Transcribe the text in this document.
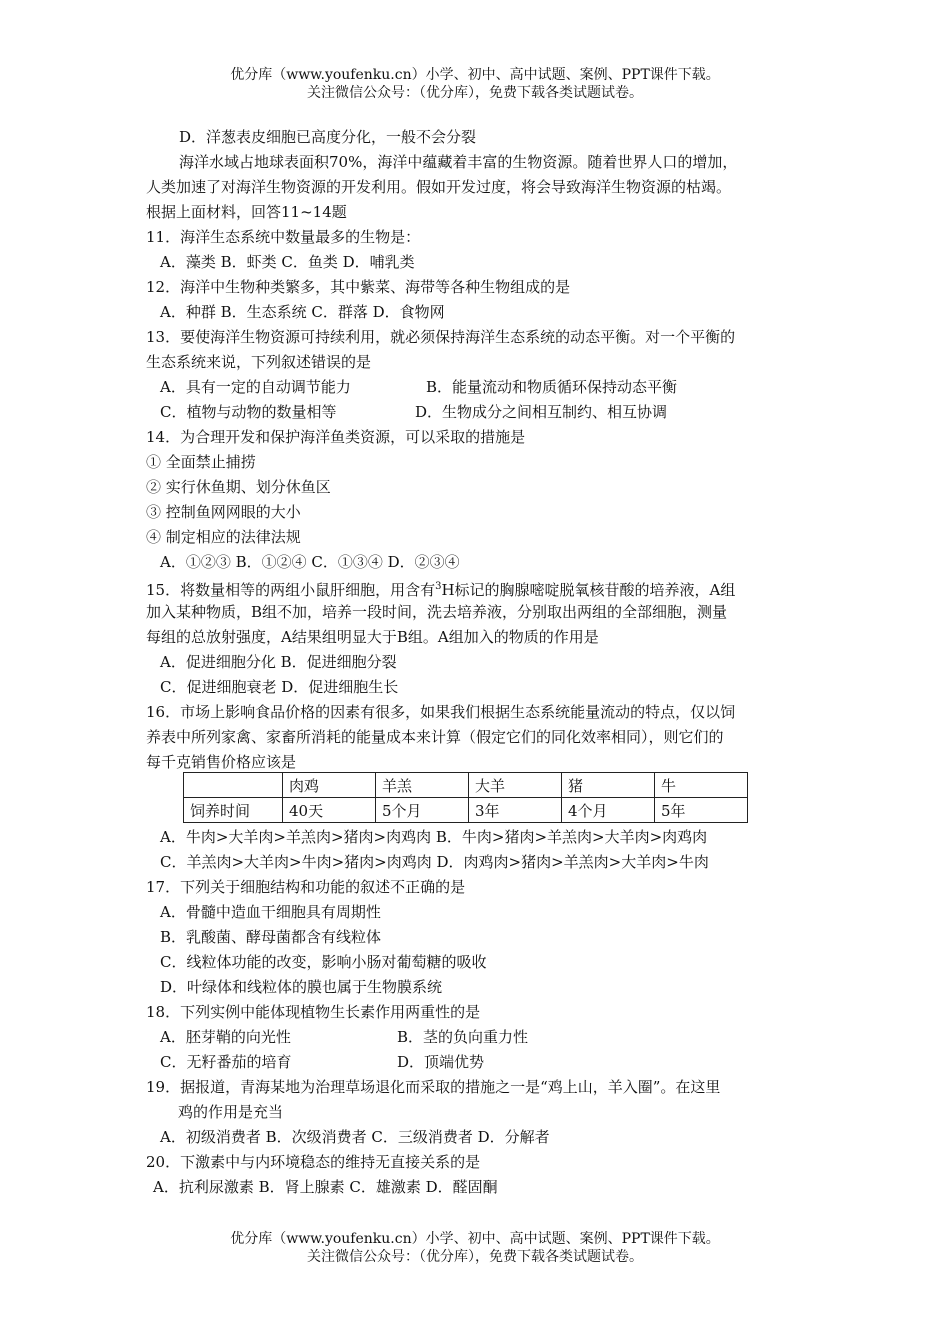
优分库（www.youfenku.cn）小学、初中、高中试题、案例、PPT课件下载。
关注微信公众号：（优分库），免费下载各类试题试卷。
D．洋葱表皮细胞已高度分化，一般不会分裂
海洋水域占地球表面积70%，海洋中蕴藏着丰富的生物资源。随着世界人口的增加，
人类加速了对海洋生物资源的开发利用。假如开发过度，将会导致海洋生物资源的枯竭。
根据上面材料，回答11~14题
11．海洋生态系统中数量最多的生物是：
A．藻类 B．虾类 C．鱼类 D．哺乳类
12．海洋中生物种类繁多，其中紫菜、海带等各种生物组成的是
A．种群 B．生态系统 C．群落 D．食物网
13．要使海洋生物资源可持续利用，就必须保持海洋生态系统的动态平衡。对一个平衡的
生态系统来说，下列叙述错误的是
A．具有一定的自动调节能力	B．能量流动和物质循环保持动态平衡
C．植物与动物的数量相等	D．生物成分之间相互制约、相互协调
14．为合理开发和保护海洋鱼类资源，可以采取的措施是
① 全面禁止捕捞
② 实行休鱼期、划分休鱼区
③ 控制鱼网网眼的大小
④ 制定相应的法律法规
A．①②③ B．①②④ C．①③④ D．②③④
15．将数量相等的两组小鼠肝细胞，用含有$^3$H标记的胸腺嘧啶脱氧核苷酸的培养液，A组
加入某种物质，B组不加，培养一段时间，洗去培养液，分别取出两组的全部细胞，测量
每组的总放射强度，A结果组明显大于B组。A组加入的物质的作用是
A．促进细胞分化 B．促进细胞分裂
C．促进细胞衰老 D．促进细胞生长
16．市场上影响食品价格的因素有很多，如果我们根据生态系统能量流动的特点，仅以饲
养表中所列家禽、家畜所消耗的能量成本来计算（假定它们的同化效率相同），则它们的
每千克销售价格应该是
	肉鸡	羊羔	大羊	猪	牛
饲养时间	40天	5个月	3年	4个月	5年
A．牛肉>大羊肉>羊羔肉>猪肉>肉鸡肉 B．牛肉>猪肉>羊羔肉>大羊肉>肉鸡肉
C．羊羔肉>大羊肉>牛肉>猪肉>肉鸡肉 D．肉鸡肉>猪肉>羊羔肉>大羊肉>牛肉
17．下列关于细胞结构和功能的叙述不正确的是
A．骨髓中造血干细胞具有周期性
B．乳酸菌、酵母菌都含有线粒体
C．线粒体功能的改变，影响小肠对葡萄糖的吸收
D．叶绿体和线粒体的膜也属于生物膜系统
18．下列实例中能体现植物生长素作用两重性的是
A．胚芽鞘的向光性	B．茎的负向重力性
C．无籽番茄的培育	D．顶端优势
19．据报道，青海某地为治理草场退化而采取的措施之一是“鸡上山，羊入圈”。在这里
鸡的作用是充当
A．初级消费者 B．次级消费者 C．三级消费者 D．分解者
20．下激素中与内环境稳态的维持无直接关系的是
A．抗利尿激素 B．肾上腺素 C．雄激素 D．醛固酮
优分库（www.youfenku.cn）小学、初中、高中试题、案例、PPT课件下载。
关注微信公众号：（优分库），免费下载各类试题试卷。
